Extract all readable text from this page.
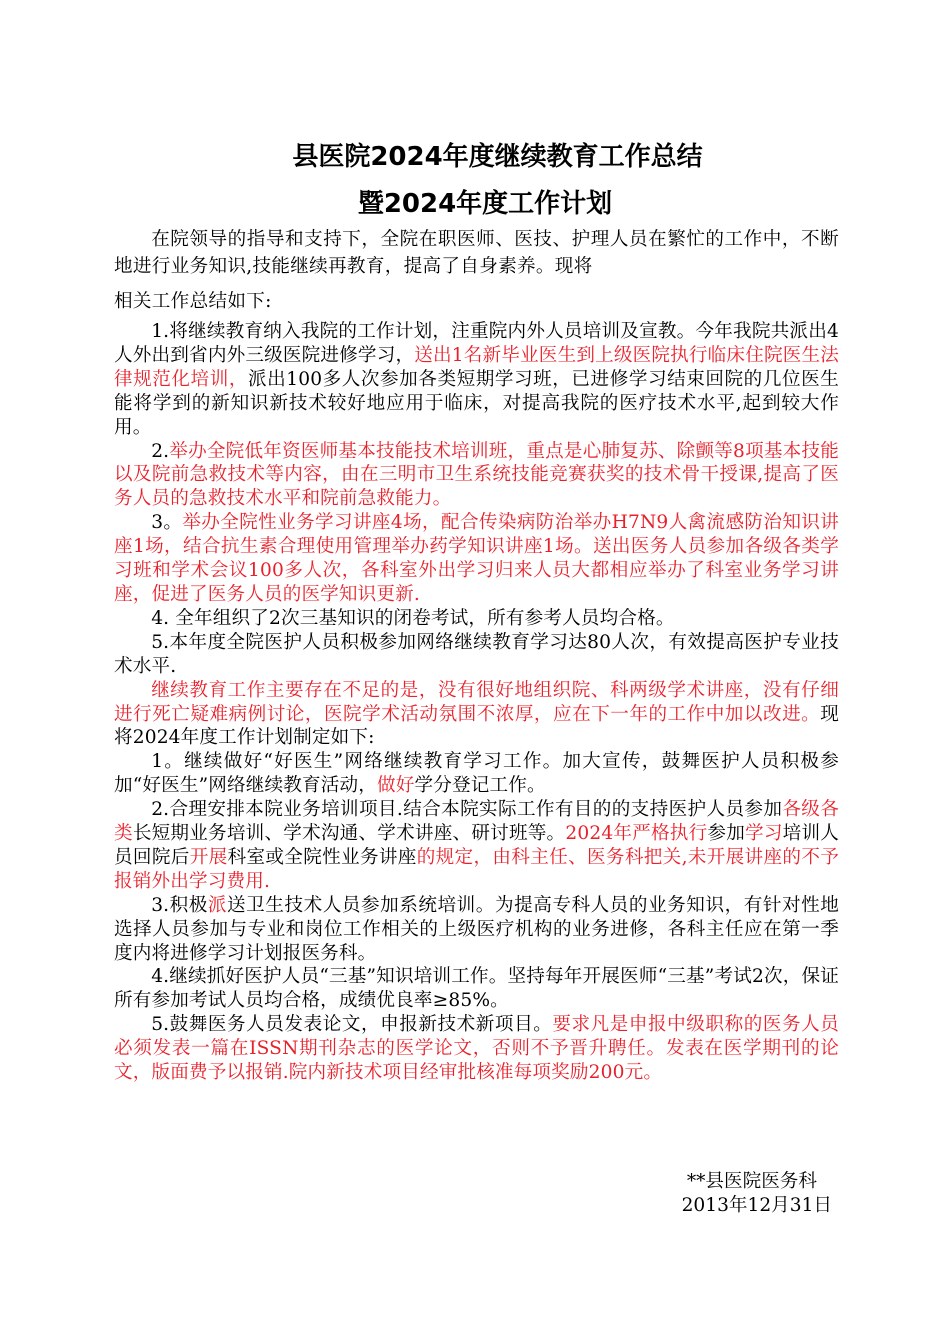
县医院2024年度继续教育工作总结
暨2024年度工作计划

在院领导的指导和支持下，全院在职医师、医技、护理人员在繁忙的工作中，不断地进行业务知识,技能继续再教育，提高了自身素养。现将
相关工作总结如下:

1.将继续教育纳入我院的工作计划，注重院内外人员培训及宣教。今年我院共派出4人外出到省内外三级医院进修学习，送出1名新毕业医生到上级医院执行临床住院医生法律规范化培训，派出100多人次参加各类短期学习班，已进修学习结束回院的几位医生能将学到的新知识新技术较好地应用于临床，对提高我院的医疗技术水平,起到较大作用。

2.举办全院低年资医师基本技能技术培训班，重点是心肺复苏、除颤等8项基本技能以及院前急救技术等内容，由在三明市卫生系统技能竞赛获奖的技术骨干授课,提高了医务人员的急救技术水平和院前急救能力。

3。举办全院性业务学习讲座4场，配合传染病防治举办H7N9人禽流感防治知识讲座1场，结合抗生素合理使用管理举办药学知识讲座1场。送出医务人员参加各级各类学习班和学术会议100多人次，各科室外出学习归来人员大都相应举办了科室业务学习讲座，促进了医务人员的医学知识更新.

4. 全年组织了2次三基知识的闭卷考试，所有参考人员均合格。

5.本年度全院医护人员积极参加网络继续教育学习达80人次，有效提高医护专业技术水平.

继续教育工作主要存在不足的是，没有很好地组织院、科两级学术讲座，没有仔细进行死亡疑难病例讨论，医院学术活动氛围不浓厚，应在下一年的工作中加以改进。现将2024年度工作计划制定如下:

1。继续做好“好医生”网络继续教育学习工作。加大宣传，鼓舞医护人员积极参加“好医生”网络继续教育活动，做好学分登记工作。

2.合理安排本院业务培训项目.结合本院实际工作有目的的支持医护人员参加各级各类长短期业务培训、学术沟通、学术讲座、研讨班等。2024年严格执行参加学习培训人员回院后开展科室或全院性业务讲座的规定，由科主任、医务科把关,未开展讲座的不予报销外出学习费用.

3.积极派送卫生技术人员参加系统培训。为提高专科人员的业务知识，有针对性地选择人员参加与专业和岗位工作相关的上级医疗机构的业务进修，各科主任应在第一季度内将进修学习计划报医务科。

4.继续抓好医护人员“三基”知识培训工作。坚持每年开展医师“三基”考试2次，保证所有参加考试人员均合格，成绩优良率≥85%。

5.鼓舞医务人员发表论文，申报新技术新项目。要求凡是申报中级职称的医务人员必须发表一篇在ISSN期刊杂志的医学论文，否则不予晋升聘任。发表在医学期刊的论文，版面费予以报销.院内新技术项目经审批核准每项奖励200元。

**县医院医务科
2013年12月31日
